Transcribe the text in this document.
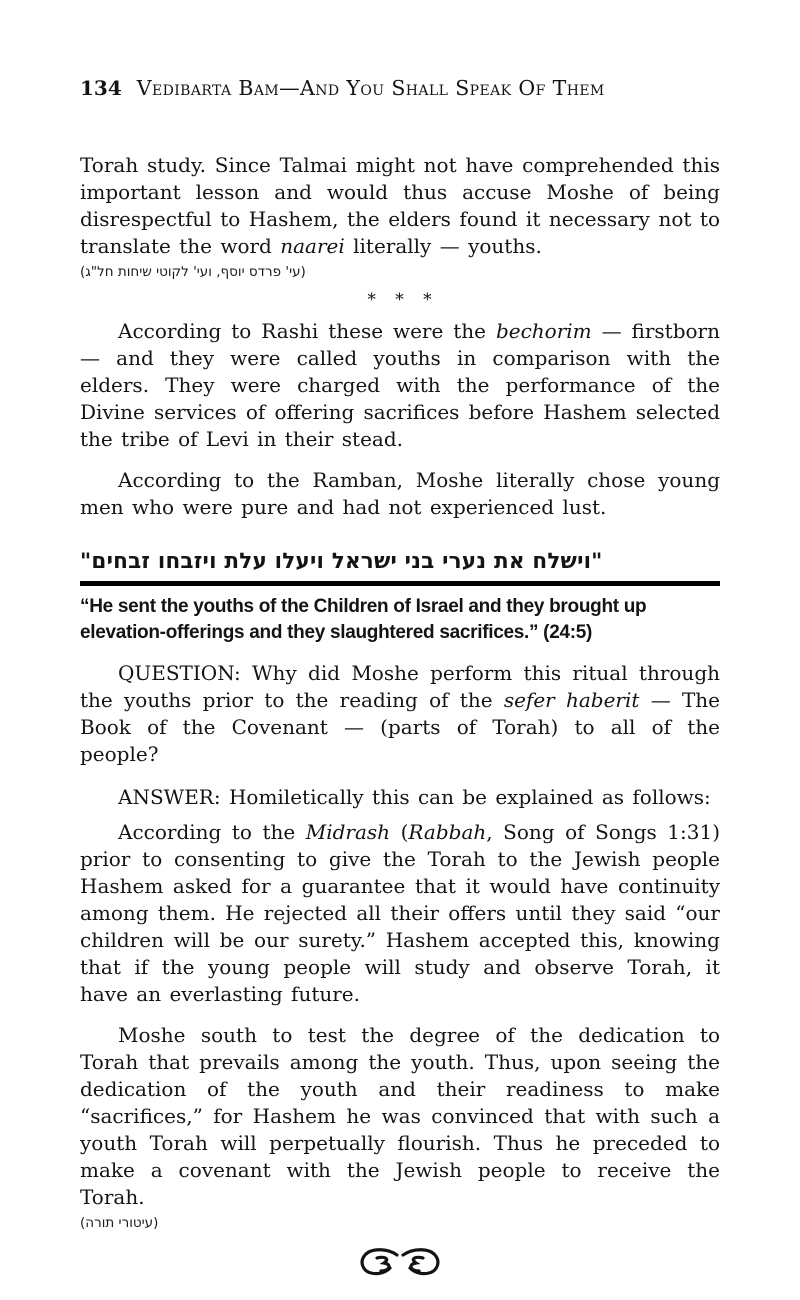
134 Vedibarta Bam—And You Shall Speak Of Them

Torah study. Since Talmai might not have comprehended this important lesson and would thus accuse Moshe of being disrespectful to Hashem, the elders found it necessary not to translate the word naarei literally — youths.

(עי' פרדס יוסף, ועי' לקוטי שיחות חל"ג)
* * *

According to Rashi these were the bechorim — firstborn — and they were called youths in comparison with the elders. They were charged with the performance of the Divine services of offering sacrifices before Hashem selected the tribe of Levi in their stead.

According to the Ramban, Moshe literally chose young men who were pure and had not experienced lust.

"וישלח את נערי בני ישראל ויעלו עלת ויזבחו זבחים"
“He sent the youths of the Children of Israel and they brought up elevation-offerings and they slaughtered sacrifices.” (24:5)

QUESTION: Why did Moshe perform this ritual through the youths prior to the reading of the sefer haberit — The Book of the Covenant — (parts of Torah) to all of the people?

ANSWER: Homiletically this can be explained as follows:

According to the Midrash (Rabbah, Song of Songs 1:31) prior to consenting to give the Torah to the Jewish people Hashem asked for a guarantee that it would have continuity among them. He rejected all their offers until they said “our children will be our surety.” Hashem accepted this, knowing that if the young people will study and observe Torah, it have an everlasting future.

Moshe south to test the degree of the dedication to Torah that prevails among the youth. Thus, upon seeing the dedication of the youth and their readiness to make “sacrifices,” for Hashem he was convinced that with such a youth Torah will perpetually flourish. Thus he preceded to make a covenant with the Jewish people to receive the Torah.

(עיטורי תורה)
